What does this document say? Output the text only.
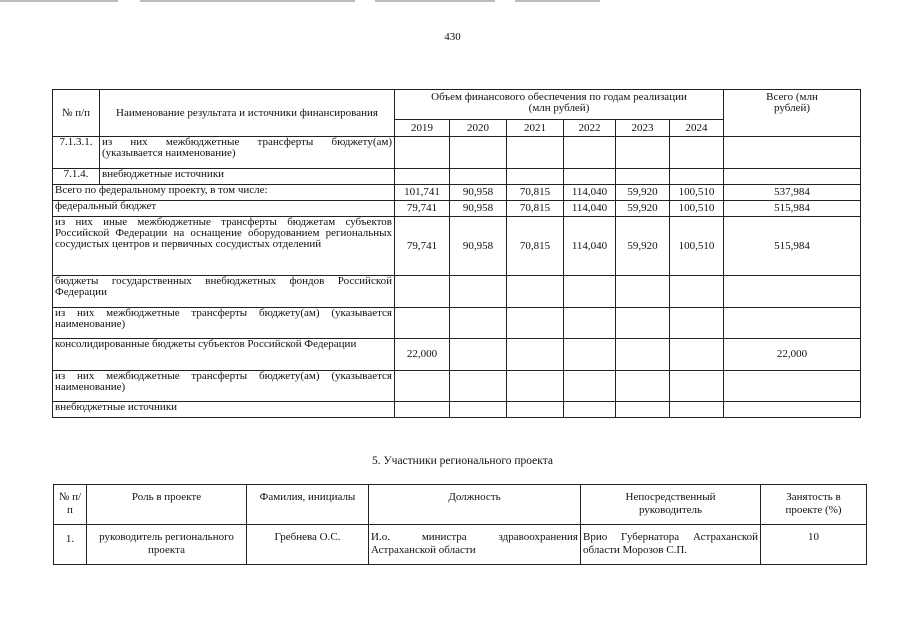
430
№ п/п	Наименование результата и источники финансирования	Объем финансового обеспечения по годам реализации (млн рублей)						Всего (млн рублей)
		2019	2020	2021	2022	2023	2024	
7.1.3.1.	из них межбюджетные трансферты бюджету(ам) (указывается наименование)							
7.1.4.	внебюджетные источники							
Всего по федеральному проекту, в том числе:		101,741	90,958	70,815	114,040	59,920	100,510	537,984
федеральный бюджет		79,741	90,958	70,815	114,040	59,920	100,510	515,984
из них иные межбюджетные трансферты бюджетам субъектов Российской Федерации на оснащение оборудованием региональных сосудистых центров и первичных сосудистых отделений		79,741	90,958	70,815	114,040	59,920	100,510	515,984
бюджеты государственных внебюджетных фондов Российской Федерации								
из них межбюджетные трансферты бюджету(ам) (указывается наименование)								
консолидированные бюджеты субъектов Российской Федерации		22,000						22,000
из них межбюджетные трансферты бюджету(ам) (указывается наименование)								
внебюджетные источники								
5. Участники регионального проекта
№ п/п	Роль в проекте	Фамилия, инициалы	Должность	Непосредственный руководитель	Занятость в проекте (%)
1.	руководитель регионального проекта	Гребнева О.С.	И.о. министра здравоохранения Астраханской области	Врио Губернатора Астраханской области Морозов С.П.	10
